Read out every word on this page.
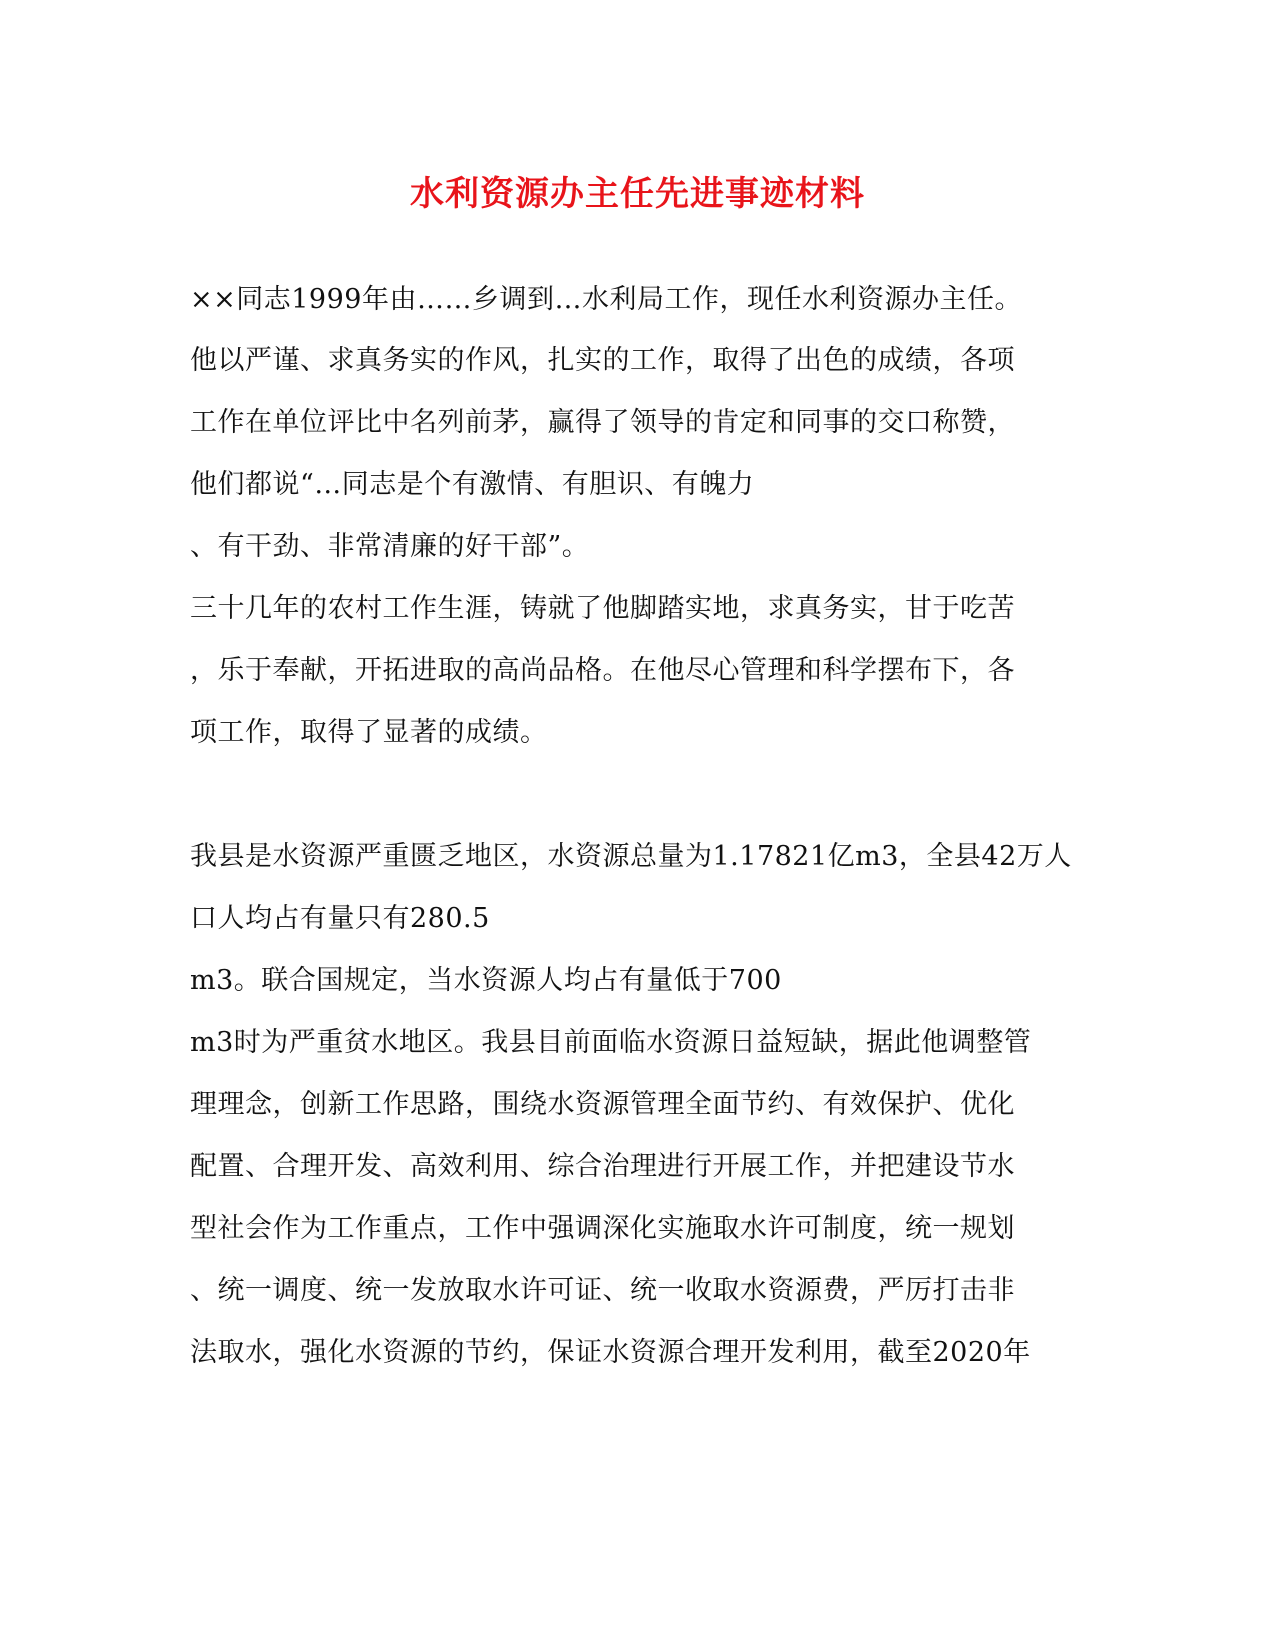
水利资源办主任先进事迹材料
××同志1999年由……乡调到…水利局工作，现任水利资源办主任。
他以严谨、求真务实的作风，扎实的工作，取得了出色的成绩，各项
工作在单位评比中名列前茅，赢得了领导的肯定和同事的交口称赞，
他们都说“…同志是个有激情、有胆识、有魄力
、有干劲、非常清廉的好干部”。
三十几年的农村工作生涯，铸就了他脚踏实地，求真务实，甘于吃苦
，乐于奉献，开拓进取的高尚品格。在他尽心管理和科学摆布下，各
项工作，取得了显著的成绩。
我县是水资源严重匮乏地区，水资源总量为1.17821亿m3，全县42万人
口人均占有量只有280.5
m3。联合国规定，当水资源人均占有量低于700
m3时为严重贫水地区。我县目前面临水资源日益短缺，据此他调整管
理理念，创新工作思路，围绕水资源管理全面节约、有效保护、优化
配置、合理开发、高效利用、综合治理进行开展工作，并把建设节水
型社会作为工作重点，工作中强调深化实施取水许可制度，统一规划
、统一调度、统一发放取水许可证、统一收取水资源费，严厉打击非
法取水，强化水资源的节约，保证水资源合理开发利用，截至2020年
